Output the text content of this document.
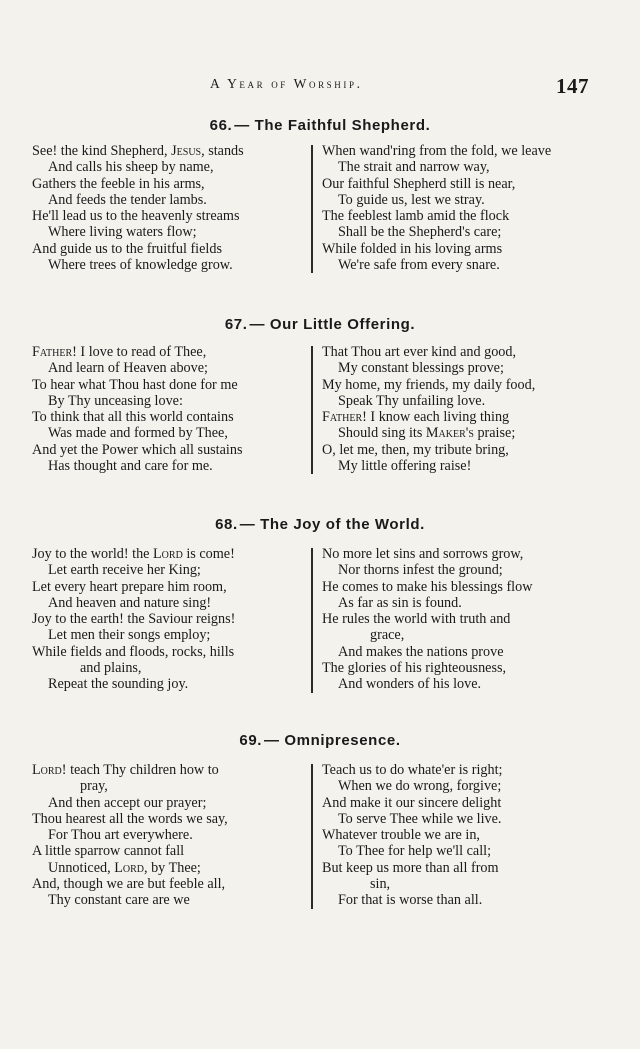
A Year of Worship.	147
66. — The Faithful Shepherd.
See! the kind Shepherd, Jesus, stands
And calls his sheep by name,
Gathers the feeble in his arms,
And feeds the tender lambs.
He'll lead us to the heavenly streams
Where living waters flow;
And guide us to the fruitful fields
Where trees of knowledge grow.
When wand'ring from the fold, we leave
The strait and narrow way,
Our faithful Shepherd still is near,
To guide us, lest we stray.
The feeblest lamb amid the flock
Shall be the Shepherd's care;
While folded in his loving arms
We're safe from every snare.
67. — Our Little Offering.
Father! I love to read of Thee,
And learn of Heaven above;
To hear what Thou hast done for me
By Thy unceasing love:
To think that all this world contains
Was made and formed by Thee,
And yet the Power which all sustains
Has thought and care for me.
That Thou art ever kind and good,
My constant blessings prove;
My home, my friends, my daily food,
Speak Thy unfailing love.
Father! I know each living thing
Should sing its Maker's praise;
O, let me, then, my tribute bring,
My little offering raise!
68. — The Joy of the World.
Joy to the world! the Lord is come!
Let earth receive her King;
Let every heart prepare him room,
And heaven and nature sing!
Joy to the earth! the Saviour reigns!
Let men their songs employ;
While fields and floods, rocks, hills
and plains,
Repeat the sounding joy.
No more let sins and sorrows grow,
Nor thorns infest the ground;
He comes to make his blessings flow
As far as sin is found.
He rules the world with truth and
grace,
And makes the nations prove
The glories of his righteousness,
And wonders of his love.
69. — Omnipresence.
Lord! teach Thy children how to
pray,
And then accept our prayer;
Thou hearest all the words we say,
For Thou art everywhere.
A little sparrow cannot fall
Unnoticed, Lord, by Thee;
And, though we are but feeble all,
Thy constant care are we
Teach us to do whate'er is right;
When we do wrong, forgive;
And make it our sincere delight
To serve Thee while we live.
Whatever trouble we are in,
To Thee for help we'll call;
But keep us more than all from
sin,
For that is worse than all.
